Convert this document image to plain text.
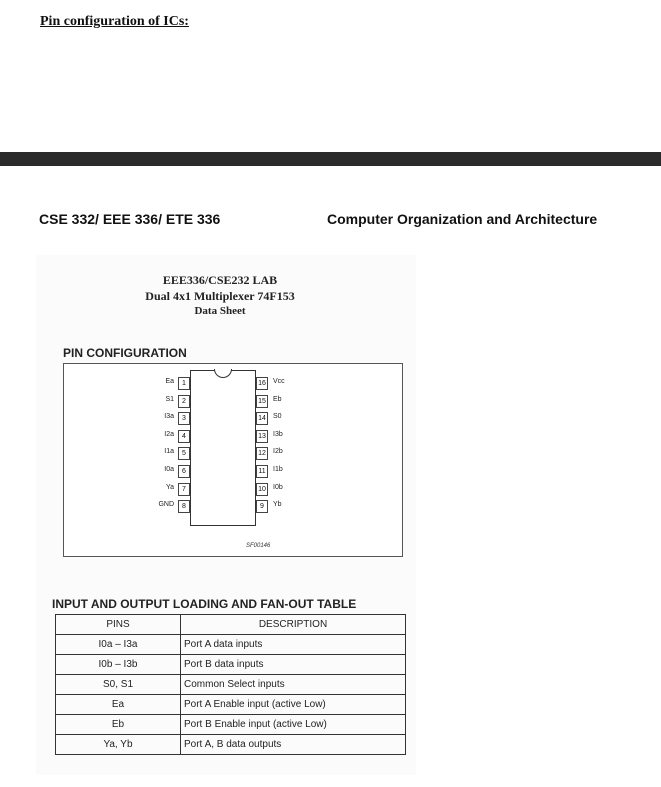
Pin configuration of ICs:
CSE 332/ EEE 336/ ETE 336	Computer Organization and Architecture
EEE336/CSE232 LAB
Dual 4x1 Multiplexer 74F153
Data Sheet
PIN CONFIGURATION
Ea	1
S1	2
I3a	3
I2a	4
I1a	5
I0a	6
Ya	7
GND	8
16	Vcc
15	Eb
14	S0
13	I3b
12	I2b
11	I1b
10	I0b
9	Yb
SF00146
INPUT AND OUTPUT LOADING AND FAN-OUT TABLE
PINS	DESCRIPTION
I0a – I3a	Port A data inputs
I0b – I3b	Port B data inputs
S0, S1	Common Select inputs
Ea	Port A Enable input (active Low)
Eb	Port B Enable input (active Low)
Ya, Yb	Port A, B data outputs
